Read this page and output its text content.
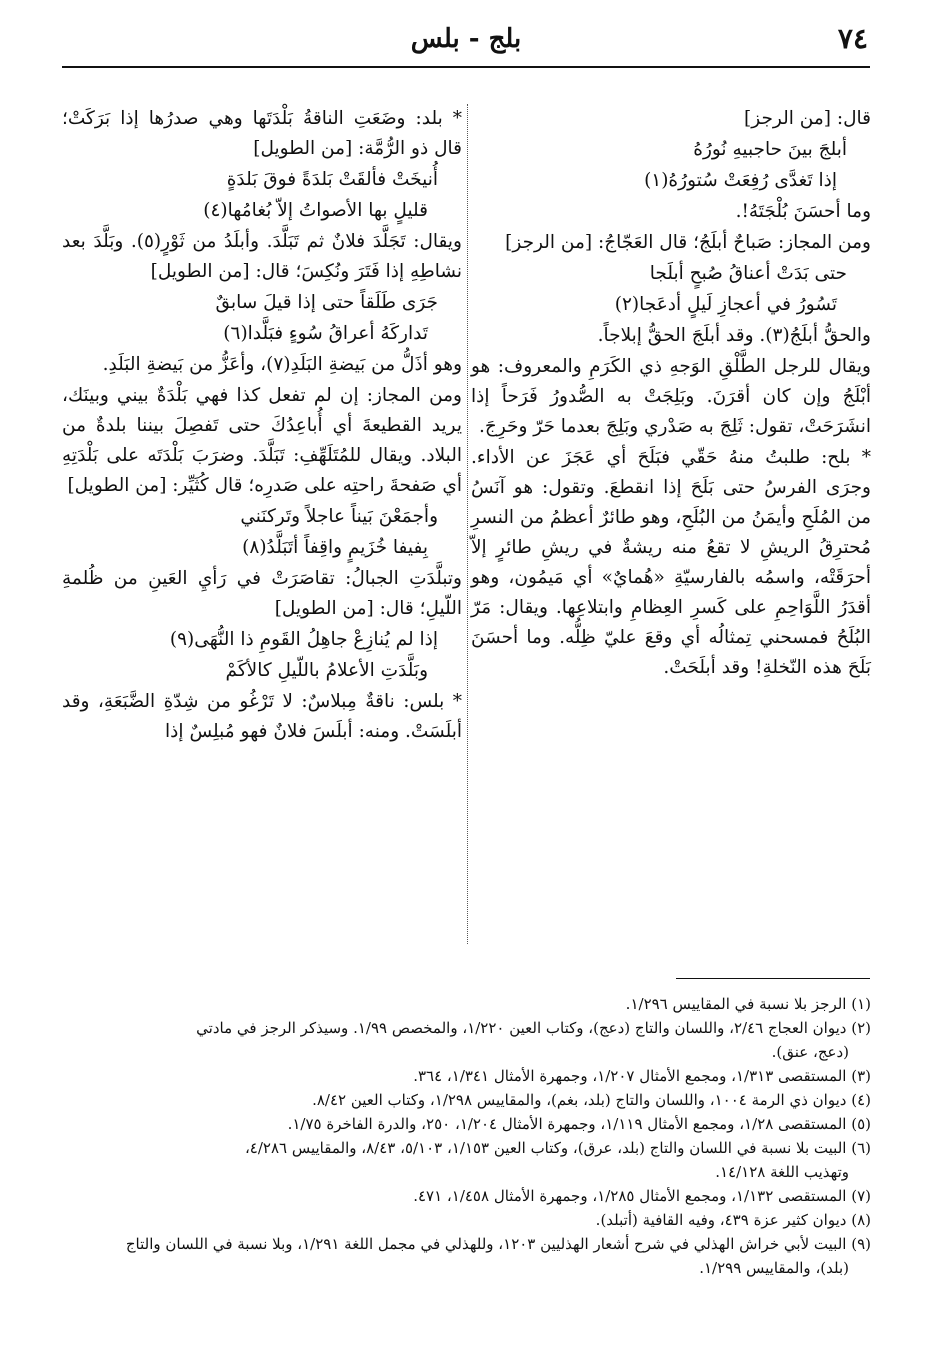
٧٤
بلج - بلس

قال: [من الرجز]

أبلجَ بينَ حاجبيهِ نُورُهُ

إذا تَغدَّى رُفِعَتْ سُتورُهُ(١)

وما أحسَنَ بُلْجَتَهُ!.

ومن المجاز: صَباحٌ أبلَجُ؛ قال العَجّاجُ: [من الرجز]

حتى بَدَتْ أعناقُ صُبحٍ أبلَجا

تَسُورُ في أعجازِ لَيلٍ أدعَجا(٢)

والحقُّ أبلَجُ(٣). وقد أبلَجَ الحقُّ إبلاجاً.

ويقال للرجل الطَّلْقِ الوَجهِ ذي الكَرَمِ والمعروف: هو أبْلَجُ وإن كان أقرَنَ. وبَلِجَتْ به الصُّدورُ فَرَحاً إذا انشَرَحَتْ، تقول: ثَلِجَ به صَدْري وبَلِجَ بعدما حَرّ وحَرِجَ.

* بلح: طلبتُ منهُ حَقّي فبَلَحَ أي عَجَزَ عن الأداء. وجرَى الفرسُ حتى بَلَحَ إذا انقطعَ. وتقول: هو آنَسُ من المُلَحِ وأيمَنُ من البُلَحِ، وهو طائرٌ أعظمُ من النسرِ مُحترِقُ الريشِ لا تقعُ منه ريشةٌ في ريشِ طائرٍ إلاّ أحرَقَتْه، واسمُه بالفارسيّةِ «هُمايٌ» أي مَيمُون، وهو أقدَرُ اللَّوَاحِمِ على كَسرِ العِظامِ وابتلاعِها. ويقال: مَرّ البُلَحُ فمسحني تِمثالُه أي وقعَ عليّ ظِلُّه. وما أحسَنَ بَلَحَ هذه النّخلةِ! وقد أبلَحَتْ.

* بلد: وضَعَتِ الناقةُ بَلْدَتَها وهي صدرُها إذا بَرَكَتْ؛ قال ذو الرُّمَّة: [من الطويل]

أُنيخَتْ فألقَتْ بَلدَةً فوقَ بَلدَةٍ

قليلٍ بها الأصواتُ إلاّ بُغامُها(٤)

ويقال: تَجَلَّدَ فلانٌ ثم تَبَلَّدَ. وأبلَدُ من ثَوْرٍ(٥). وبَلَّدَ بعد نشاطِهِ إذا فَتَرَ ونُكِسَ؛ قال: [من الطويل]

جَرَى طَلَقاً حتى إذا قيلَ سابقٌ

تَداركَهُ أعراقُ سُوءٍ فبَلَّدا(٦)

وهو أذَلُّ من بَيضةِ البَلَدِ(٧)، وأعَزُّ من بَيضةِ البَلَدِ.

ومن المجاز: إن لم تفعل كذا فهي بَلْدَةٌ بيني وبينَك، يريد القطيعةَ أي أُباعِدُكَ حتى تَفصِلَ بيننا بلدةٌ من البلاد. ويقال للمُتَلَهِّفِ: تَبَلَّدَ. وضرَبَ بَلْدَتَه على بَلْدَتِهِ أي صَفحةَ راحتِه على صَدرِه؛ قال كُثَيِّر: [من الطويل]

وأجمَعْنَ بَيناً عاجلاً وتَركنَني

بِفيفا خُزَيمٍ واقِفاً أتَبَلَّدُ(٨)

وتبلَّدَتِ الجبالُ: تقاصَرَتْ في رَأيِ العَينِ من ظُلمةِ اللّيلِ؛ قال: [من الطويل]

إذا لم يُنازِعْ جاهِلُ القَومِ ذا النُّهَى(٩)

وبَلَّدَتِ الأعلامُ باللّيلِ كالأكَمْ

* بلس: ناقةٌ مِبلاسٌ: لا تَرْغُو من شِدّةِ الضَّبَعَةِ، وقد أبلَسَتْ. ومنه: أبلَسَ فلانٌ فهو مُبلِسٌ إذا

(١) الرجز بلا نسبة في المقاييس ١/٢٩٦.
(٢) ديوان العجاج ٢/٤٦، واللسان والتاج (دعج)، وكتاب العين ١/٢٢٠، والمخصص ١/٩٩. وسيذكر الرجز في مادتي
(دعج، عنق).
(٣) المستقصى ١/٣١٣، ومجمع الأمثال ١/٢٠٧، وجمهرة الأمثال ١/٣٤١، ٣٦٤.
(٤) ديوان ذي الرمة ١٠٠٤، واللسان والتاج (بلد، بغم)، والمقاييس ١/٢٩٨، وكتاب العين ٨/٤٢.
(٥) المستقصى ١/٢٨، ومجمع الأمثال ١/١١٩، وجمهرة الأمثال ١/٢٠٤، ٢٥٠، والدرة الفاخرة ١/٧٥.
(٦) البيت بلا نسبة في اللسان والتاج (بلد، عرق)، وكتاب العين ١/١٥٣، ٥/١٠٣، ٨/٤٣، والمقاييس ٤/٢٨٦،
وتهذيب اللغة ١٤/١٢٨.
(٧) المستقصى ١/١٣٢، ومجمع الأمثال ١/٢٨٥، وجمهرة الأمثال ١/٤٥٨، ٤٧١.
(٨) ديوان كثير عزة ٤٣٩، وفيه القافية (أتبلد).
(٩) البيت لأبي خراش الهذلي في شرح أشعار الهذليين ١٢٠٣، وللهذلي في مجمل اللغة ١/٢٩١، وبلا نسبة في اللسان والتاج
(بلد)، والمقاييس ١/٢٩٩.
